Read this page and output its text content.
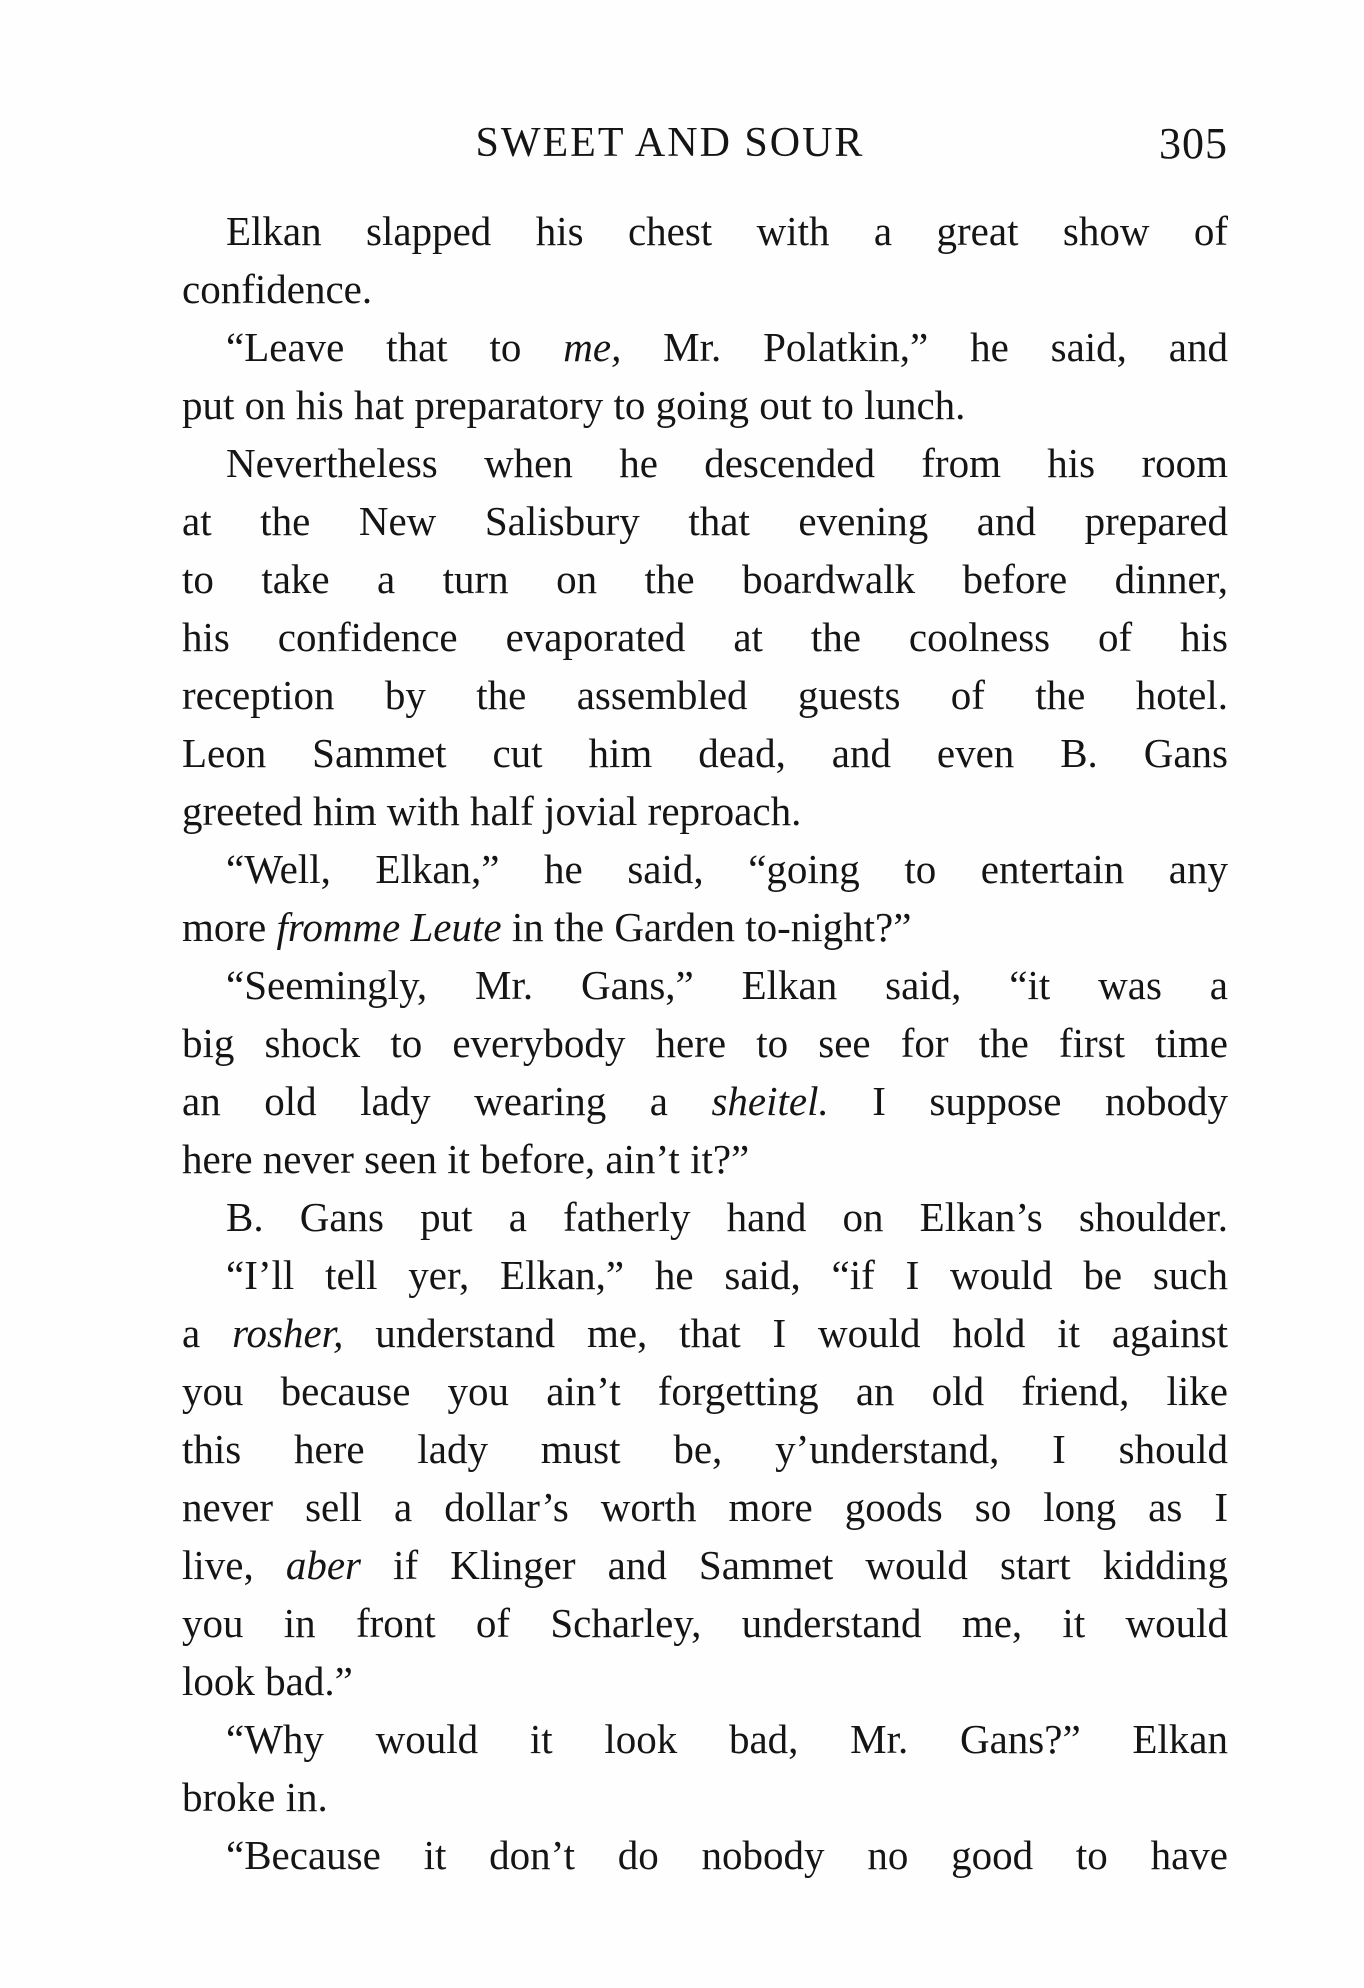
SWEET AND SOUR	305
Elkan slapped his chest with a great show of
confidence.
“Leave that to me, Mr. Polatkin,” he said, and
put on his hat preparatory to going out to lunch.
Nevertheless when he descended from his room
at the New Salisbury that evening and prepared
to take a turn on the boardwalk before dinner,
his confidence evaporated at the coolness of his
reception by the assembled guests of the hotel.
Leon Sammet cut him dead, and even B. Gans
greeted him with half jovial reproach.
“Well, Elkan,” he said, “going to entertain any
more fromme Leute in the Garden to-night?”
“Seemingly, Mr. Gans,” Elkan said, “it was a
big shock to everybody here to see for the first time
an old lady wearing a sheitel. I suppose nobody
here never seen it before, ain’t it?”
B. Gans put a fatherly hand on Elkan’s shoulder.
“I’ll tell yer, Elkan,” he said, “if I would be such
a rosher, understand me, that I would hold it against
you because you ain’t forgetting an old friend, like
this here lady must be, y’understand, I should
never sell a dollar’s worth more goods so long as I
live, aber if Klinger and Sammet would start kidding
you in front of Scharley, understand me, it would
look bad.”
“Why would it look bad, Mr. Gans?” Elkan
broke in.
“Because it don’t do nobody no good to have
